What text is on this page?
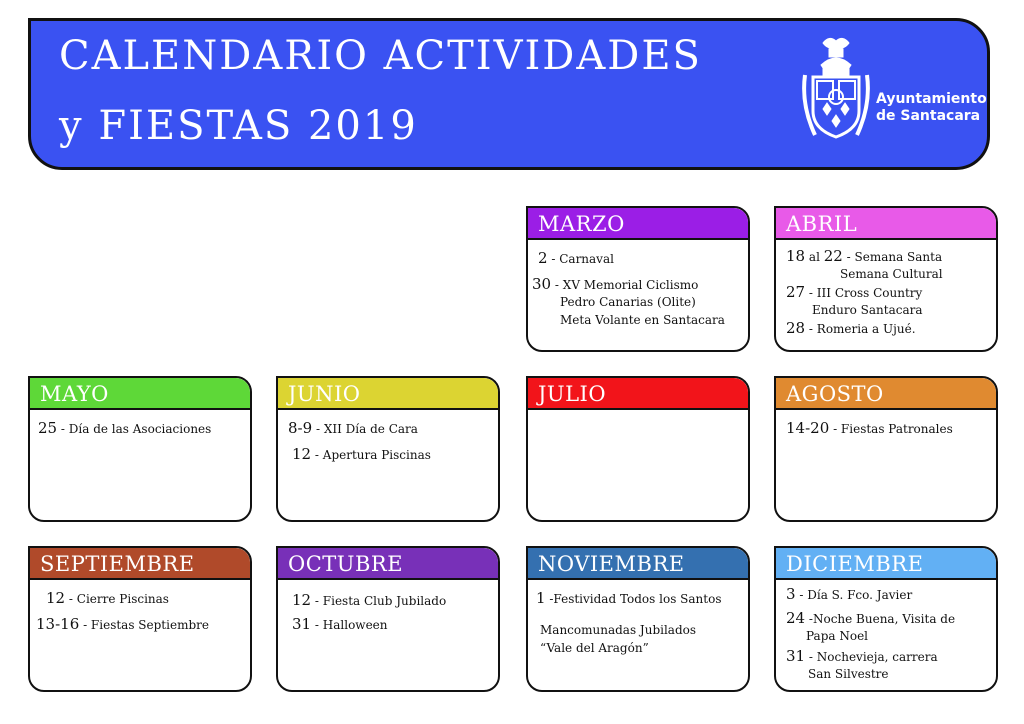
CALENDARIO ACTIVIDADES
y FIESTAS 2019
Ayuntamiento
de Santacara
MARZO
2 - Carnaval
30 - XV Memorial Ciclismo
Pedro Canarias (Olite)
Meta Volante en Santacara
ABRIL
18 al 22 - Semana Santa
Semana Cultural
27 - III Cross Country
Enduro Santacara
28 - Romeria a Ujué.
MAYO
25 - Día de las Asociaciones
JUNIO
8-9 - XII Día de Cara
12 - Apertura Piscinas
JULIO	AGOSTO
14-20 - Fiestas Patronales
SEPTIEMBRE
12 - Cierre Piscinas
13-16 - Fiestas Septiembre
OCTUBRE
12 - Fiesta Club Jubilado
31 - Halloween
NOVIEMBRE
1 -Festividad Todos los Santos
Mancomunadas Jubilados
“Vale del Aragón”
DICIEMBRE
3 - Día S. Fco. Javier
24 -Noche Buena, Visita de
Papa Noel
31 - Nochevieja, carrera
San Silvestre
